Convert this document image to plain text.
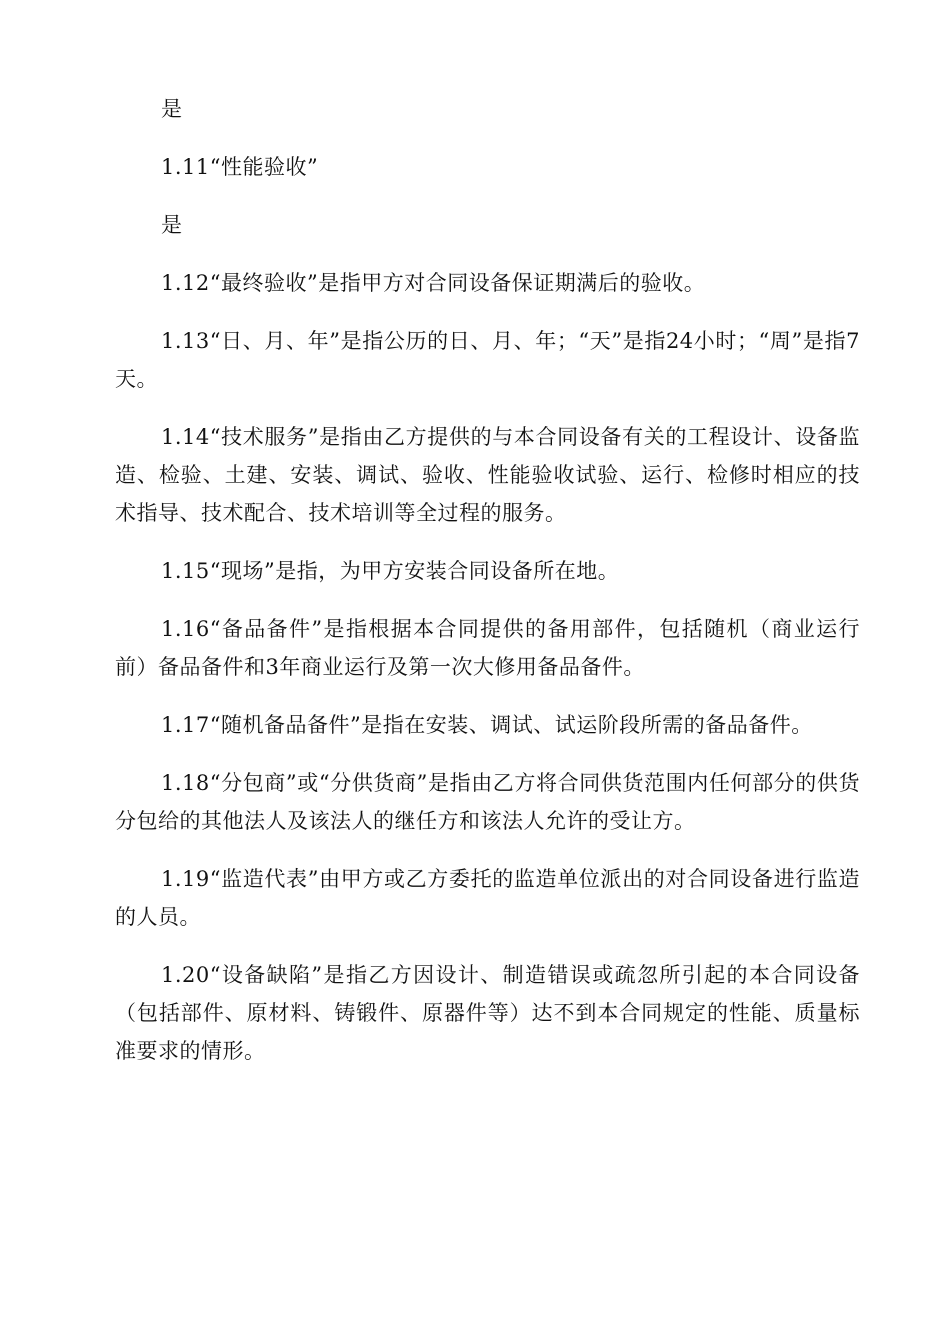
是

1.11“性能验收”

是

1.12“最终验收”是指甲方对合同设备保证期满后的验收。

1.13“日、月、年”是指公历的日、月、年；“天”是指24小时；“周”是指7天。

1.14“技术服务”是指由乙方提供的与本合同设备有关的工程设计、设备监造、检验、土建、安装、调试、验收、性能验收试验、运行、检修时相应的技术指导、技术配合、技术培训等全过程的服务。

1.15“现场”是指，为甲方安装合同设备所在地。

1.16“备品备件”是指根据本合同提供的备用部件，包括随机（商业运行前）备品备件和3年商业运行及第一次大修用备品备件。

1.17“随机备品备件”是指在安装、调试、试运阶段所需的备品备件。

1.18“分包商”或“分供货商”是指由乙方将合同供货范围内任何部分的供货分包给的其他法人及该法人的继任方和该法人允许的受让方。

1.19“监造代表”由甲方或乙方委托的监造单位派出的对合同设备进行监造的人员。

1.20“设备缺陷”是指乙方因设计、制造错误或疏忽所引起的本合同设备（包括部件、原材料、铸锻件、原器件等）达不到本合同规定的性能、质量标准要求的情形。
